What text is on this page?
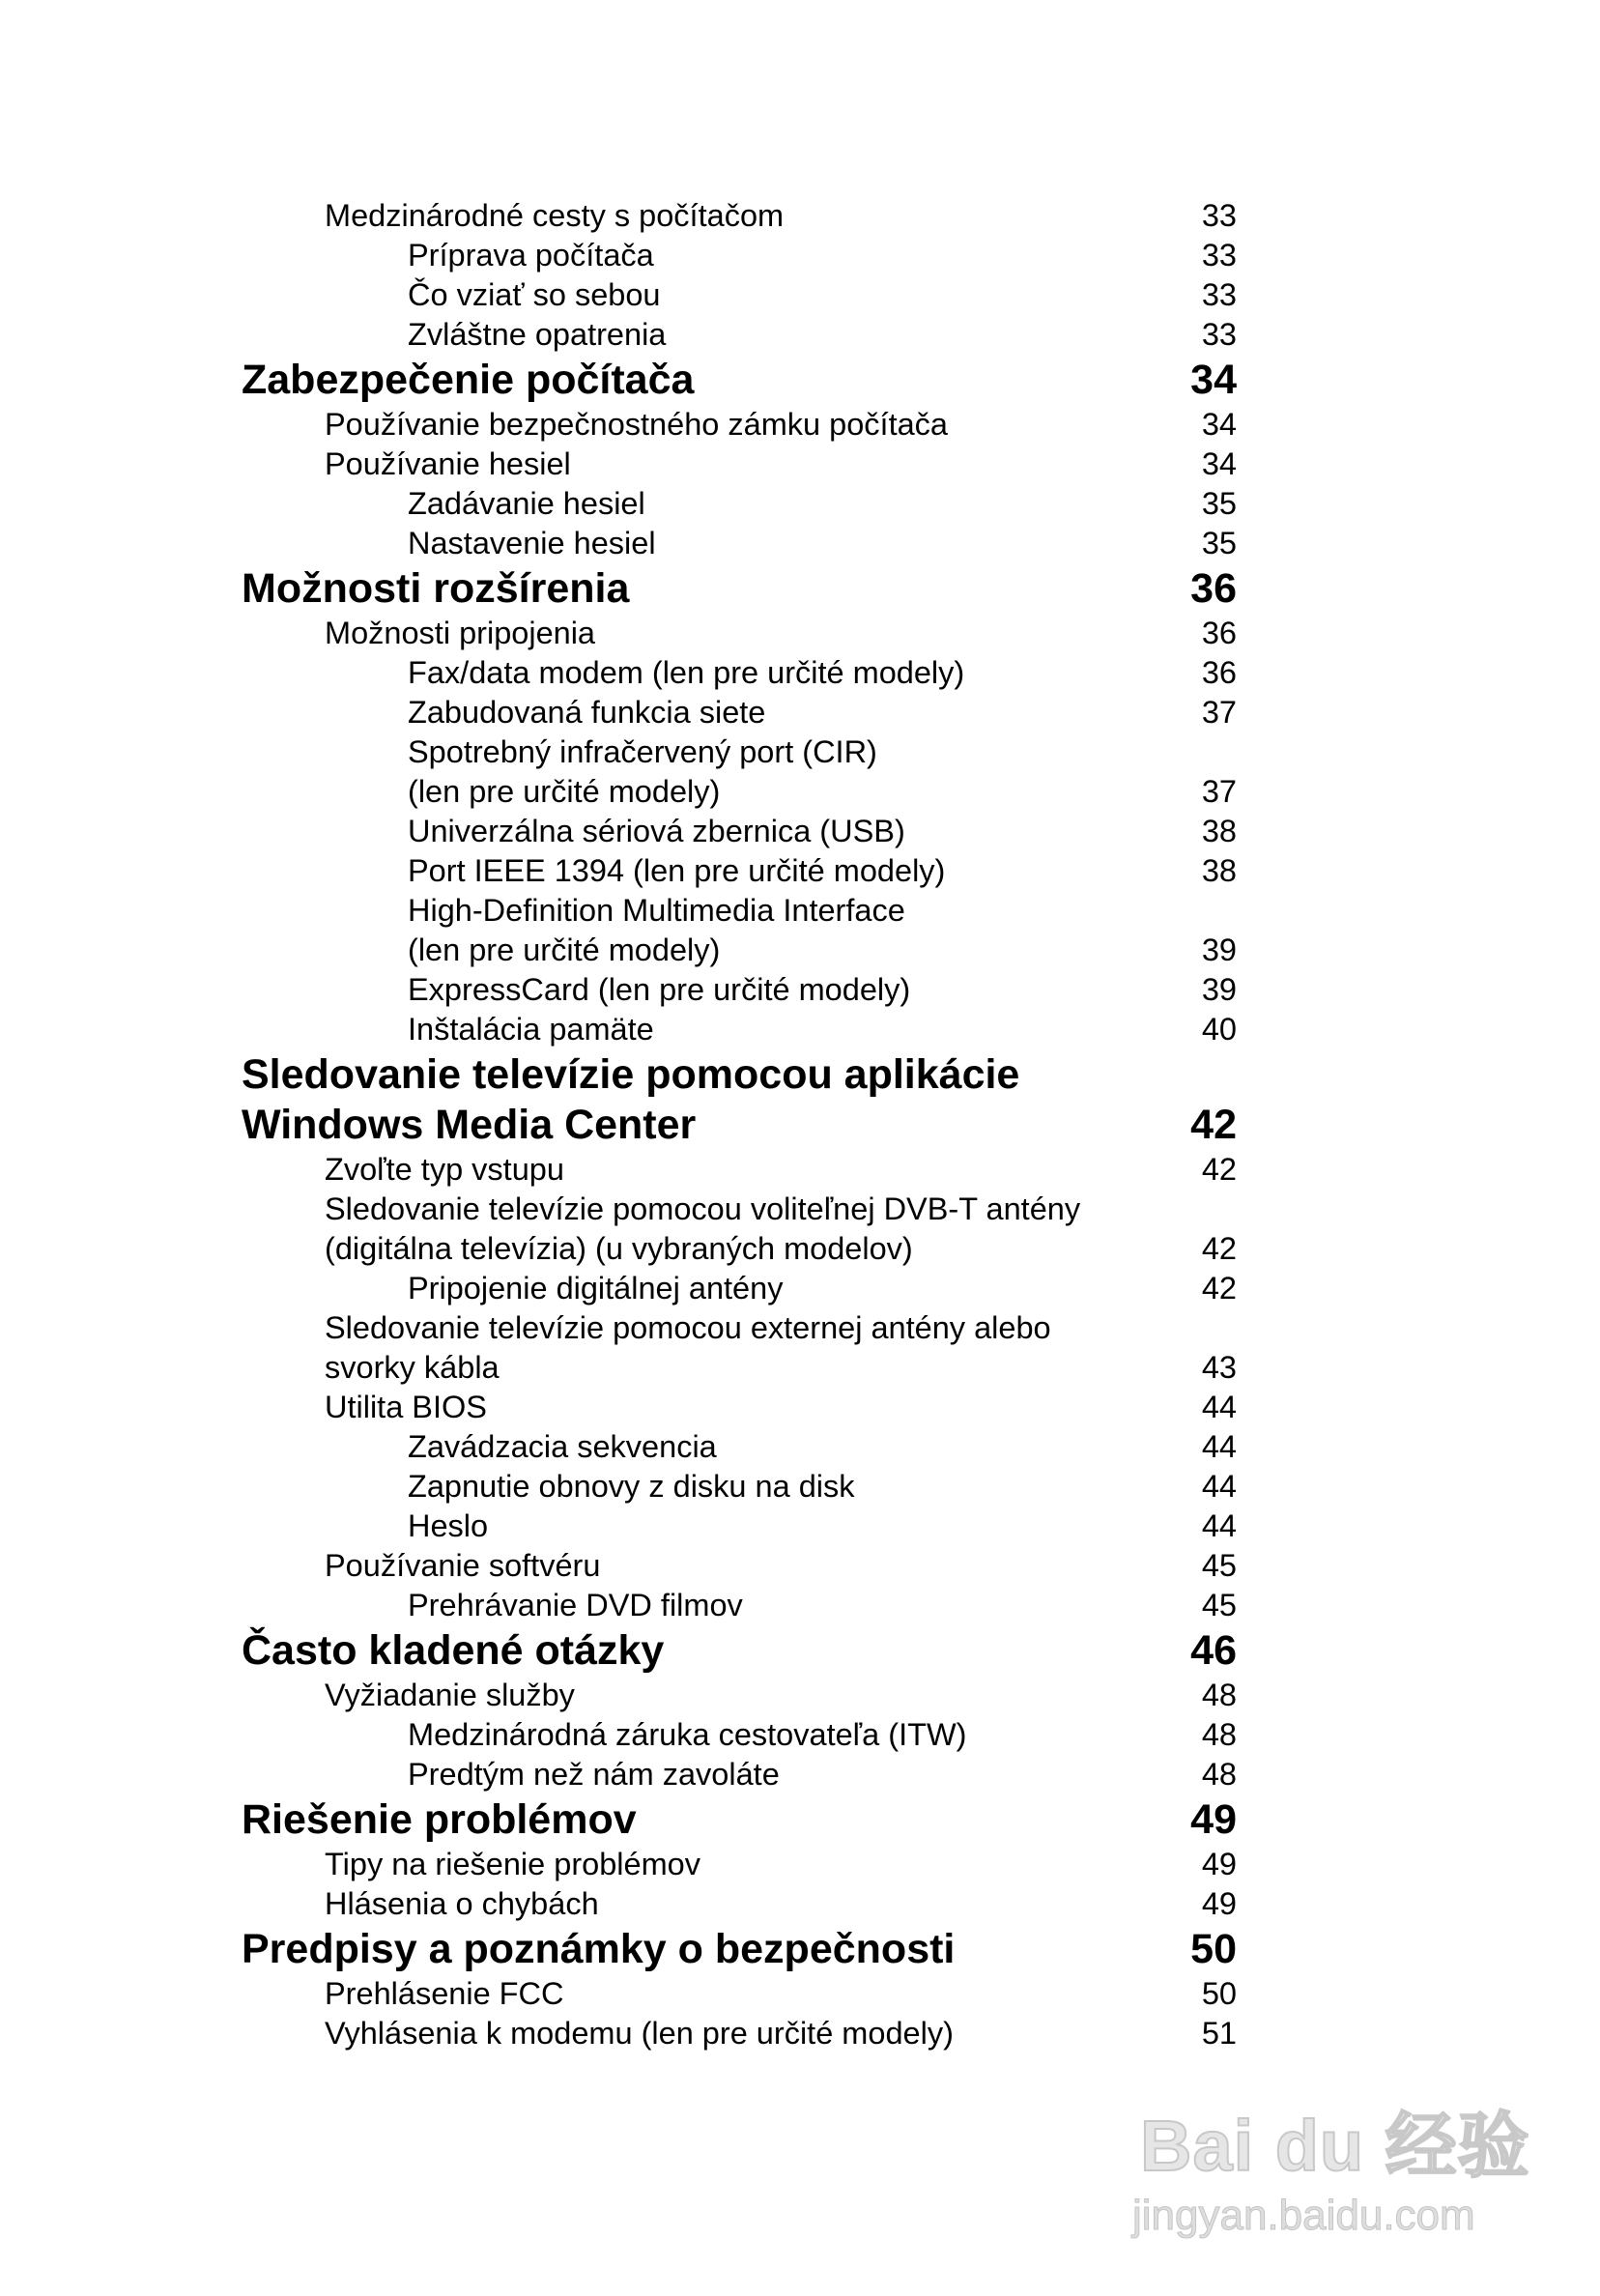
Medzinárodné cesty s počítačom	33
Príprava počítača	33
Čo vziať so sebou	33
Zvláštne opatrenia	33
Zabezpečenie počítača	34
Používanie bezpečnostného zámku počítača	34
Používanie hesiel	34
Zadávanie hesiel	35
Nastavenie hesiel	35
Možnosti rozšírenia	36
Možnosti pripojenia	36
Fax/data modem (len pre určité modely)	36
Zabudovaná funkcia siete	37
Spotrebný infračervený port (CIR)
(len pre určité modely)	37
Univerzálna sériová zbernica (USB)	38
Port IEEE 1394 (len pre určité modely)	38
High-Definition Multimedia Interface
(len pre určité modely)	39
ExpressCard (len pre určité modely)	39
Inštalácia pamäte	40
Sledovanie televízie pomocou aplikácie
Windows Media Center	42
Zvoľte typ vstupu	42
Sledovanie televízie pomocou voliteľnej DVB-T antény
(digitálna televízia) (u vybraných modelov)	42
Pripojenie digitálnej antény	42
Sledovanie televízie pomocou externej antény alebo
svorky kábla	43
Utilita BIOS	44
Zavádzacia sekvencia	44
Zapnutie obnovy z disku na disk	44
Heslo	44
Používanie softvéru	45
Prehrávanie DVD filmov	45
Často kladené otázky	46
Vyžiadanie služby	48
Medzinárodná záruka cestovateľa (ITW)	48
Predtým než nám zavoláte	48
Riešenie problémov	49
Tipy na riešenie problémov	49
Hlásenia o chybách	49
Predpisy a poznámky o bezpečnosti	50
Prehlásenie FCC	50
Vyhlásenia k modemu (len pre určité modely)	51
Bai du 经验
jingyan.baidu.com
